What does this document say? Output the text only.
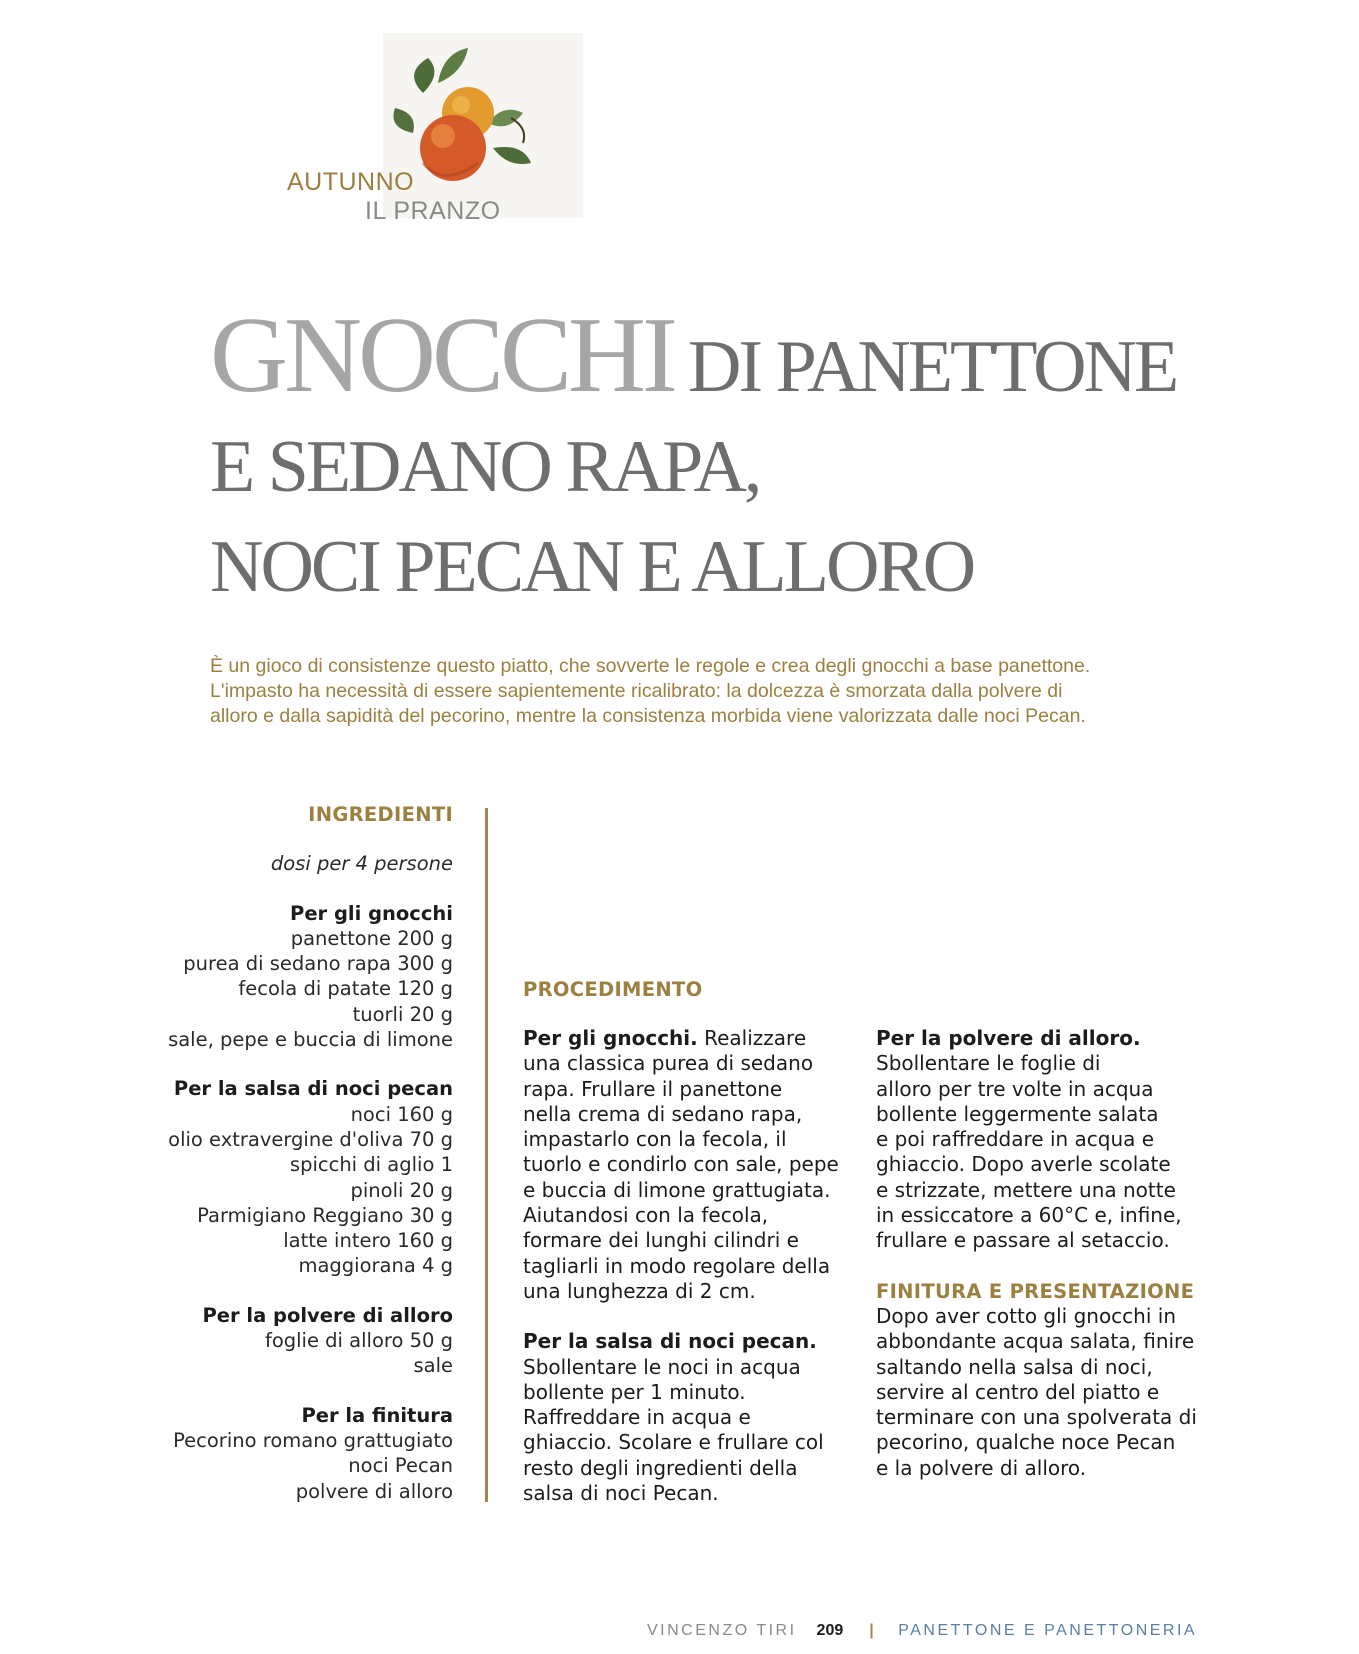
AUTUNNO
IL PRANZO
GNOCCHI DI PANETTONE
E SEDANO RAPA,
NOCI PECAN E ALLORO
È un gioco di consistenze questo piatto, che sovverte le regole e crea degli gnocchi a base panettone.
L'impasto ha necessità di essere sapientemente ricalibrato: la dolcezza è smorzata dalla polvere di
alloro e dalla sapidità del pecorino, mentre la consistenza morbida viene valorizzata dalle noci Pecan.
INGREDIENTI
dosi per 4 persone
Per gli gnocchi
panettone 200 g
purea di sedano rapa 300 g
fecola di patate 120 g
tuorli 20 g
sale, pepe e buccia di limone
Per la salsa di noci pecan
noci 160 g
olio extravergine d'oliva 70 g
spicchi di aglio 1
pinoli 20 g
Parmigiano Reggiano 30 g
latte intero 160 g
maggiorana 4 g
Per la polvere di alloro
foglie di alloro 50 g
sale
Per la finitura
Pecorino romano grattugiato
noci Pecan
polvere di alloro
PROCEDIMENTO
Per gli gnocchi. Realizzare
una classica purea di sedano
rapa. Frullare il panettone
nella crema di sedano rapa,
impastarlo con la fecola, il
tuorlo e condirlo con sale, pepe
e buccia di limone grattugiata.
Aiutandosi con la fecola,
formare dei lunghi cilindri e
tagliarli in modo regolare della
una lunghezza di 2 cm.
Per la salsa di noci pecan.
Sbollentare le noci in acqua
bollente per 1 minuto.
Raffreddare in acqua e
ghiaccio. Scolare e frullare col
resto degli ingredienti della
salsa di noci Pecan.
Per la polvere di alloro.
Sbollentare le foglie di
alloro per tre volte in acqua
bollente leggermente salata
e poi raffreddare in acqua e
ghiaccio. Dopo averle scolate
e strizzate, mettere una notte
in essiccatore a 60°C e, infine,
frullare e passare al setaccio.
FINITURA E PRESENTAZIONE
Dopo aver cotto gli gnocchi in
abbondante acqua salata, finire
saltando nella salsa di noci,
servire al centro del piatto e
terminare con una spolverata di
pecorino, qualche noce Pecan
e la polvere di alloro.
VINCENZO TIRI 209 | PANETTONE E PANETTONERIA
